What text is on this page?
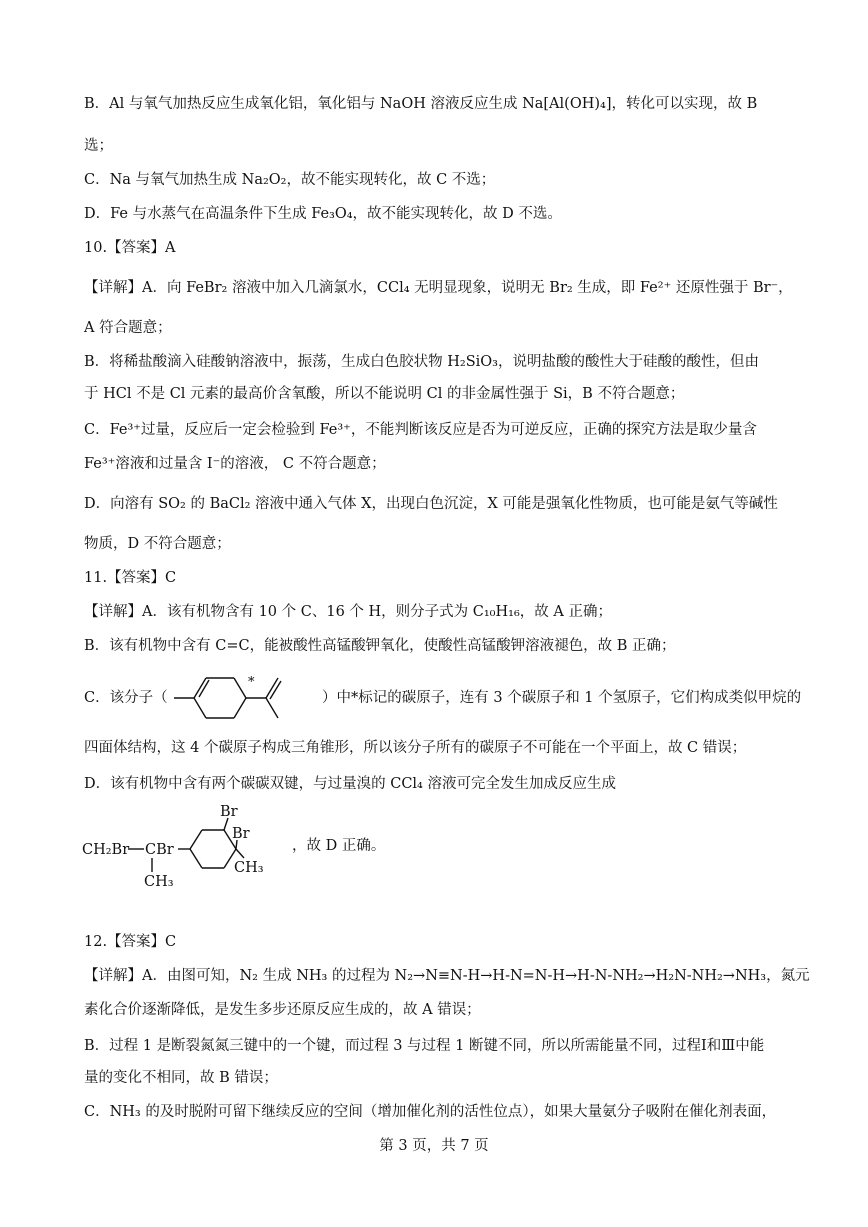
B．Al 与氧气加热反应生成氧化铝，氧化铝与 NaOH 溶液反应生成 Na[Al(OH)₄]，转化可以实现，故 B

选；

C．Na 与氧气加热生成 Na₂O₂，故不能实现转化，故 C 不选；

D．Fe 与水蒸气在高温条件下生成 Fe₃O₄，故不能实现转化，故 D 不选。

10.【答案】A

【详解】A．向 FeBr₂ 溶液中加入几滴氯水，CCl₄ 无明显现象，说明无 Br₂ 生成，即 Fe²⁺ 还原性强于 Br⁻，

A 符合题意；

B．将稀盐酸滴入硅酸钠溶液中，振荡，生成白色胶状物 H₂SiO₃，说明盐酸的酸性大于硅酸的酸性，但由

于 HCl 不是 Cl 元素的最高价含氧酸，所以不能说明 Cl 的非金属性强于 Si，B 不符合题意；

C．Fe³⁺过量，反应后一定会检验到 Fe³⁺，不能判断该反应是否为可逆反应，正确的探究方法是取少量含

Fe³⁺溶液和过量含 I⁻的溶液， C 不符合题意；

D．向溶有 SO₂ 的 BaCl₂ 溶液中通入气体 X，出现白色沉淀，X 可能是强氧化性物质，也可能是氨气等碱性

物质，D 不符合题意；

11.【答案】C

【详解】A．该有机物含有 10 个 C、16 个 H，则分子式为 C₁₀H₁₆，故 A 正确；

B．该有机物中含有 C=C，能被酸性高锰酸钾氧化，使酸性高锰酸钾溶液褪色，故 B 正确；

C．该分子（

*

）中*标记的碳原子，连有 3 个碳原子和 1 个氢原子，它们构成类似甲烷的

四面体结构，这 4 个碳原子构成三角锥形，所以该分子所有的碳原子不可能在一个平面上，故 C 错误；

D．该有机物中含有两个碳碳双键，与过量溴的 CCl₄ 溶液可完全发生加成反应生成

CH₂Br CBr
CH₃
Br
Br
CH₃

，故 D 正确。

12.【答案】C

【详解】A．由图可知，N₂ 生成 NH₃ 的过程为 N₂→N≡N-H→H-N=N-H→H-N-NH₂→H₂N-NH₂→NH₃，氮元

素化合价逐渐降低，是发生多步还原反应生成的，故 A 错误；

B．过程 1 是断裂氮氮三键中的一个键，而过程 3 与过程 1 断键不同，所以所需能量不同，过程Ⅰ和Ⅲ中能

量的变化不相同，故 B 错误；

C．NH₃ 的及时脱附可留下继续反应的空间（增加催化剂的活性位点），如果大量氨分子吸附在催化剂表面，

第 3 页，共 7 页
